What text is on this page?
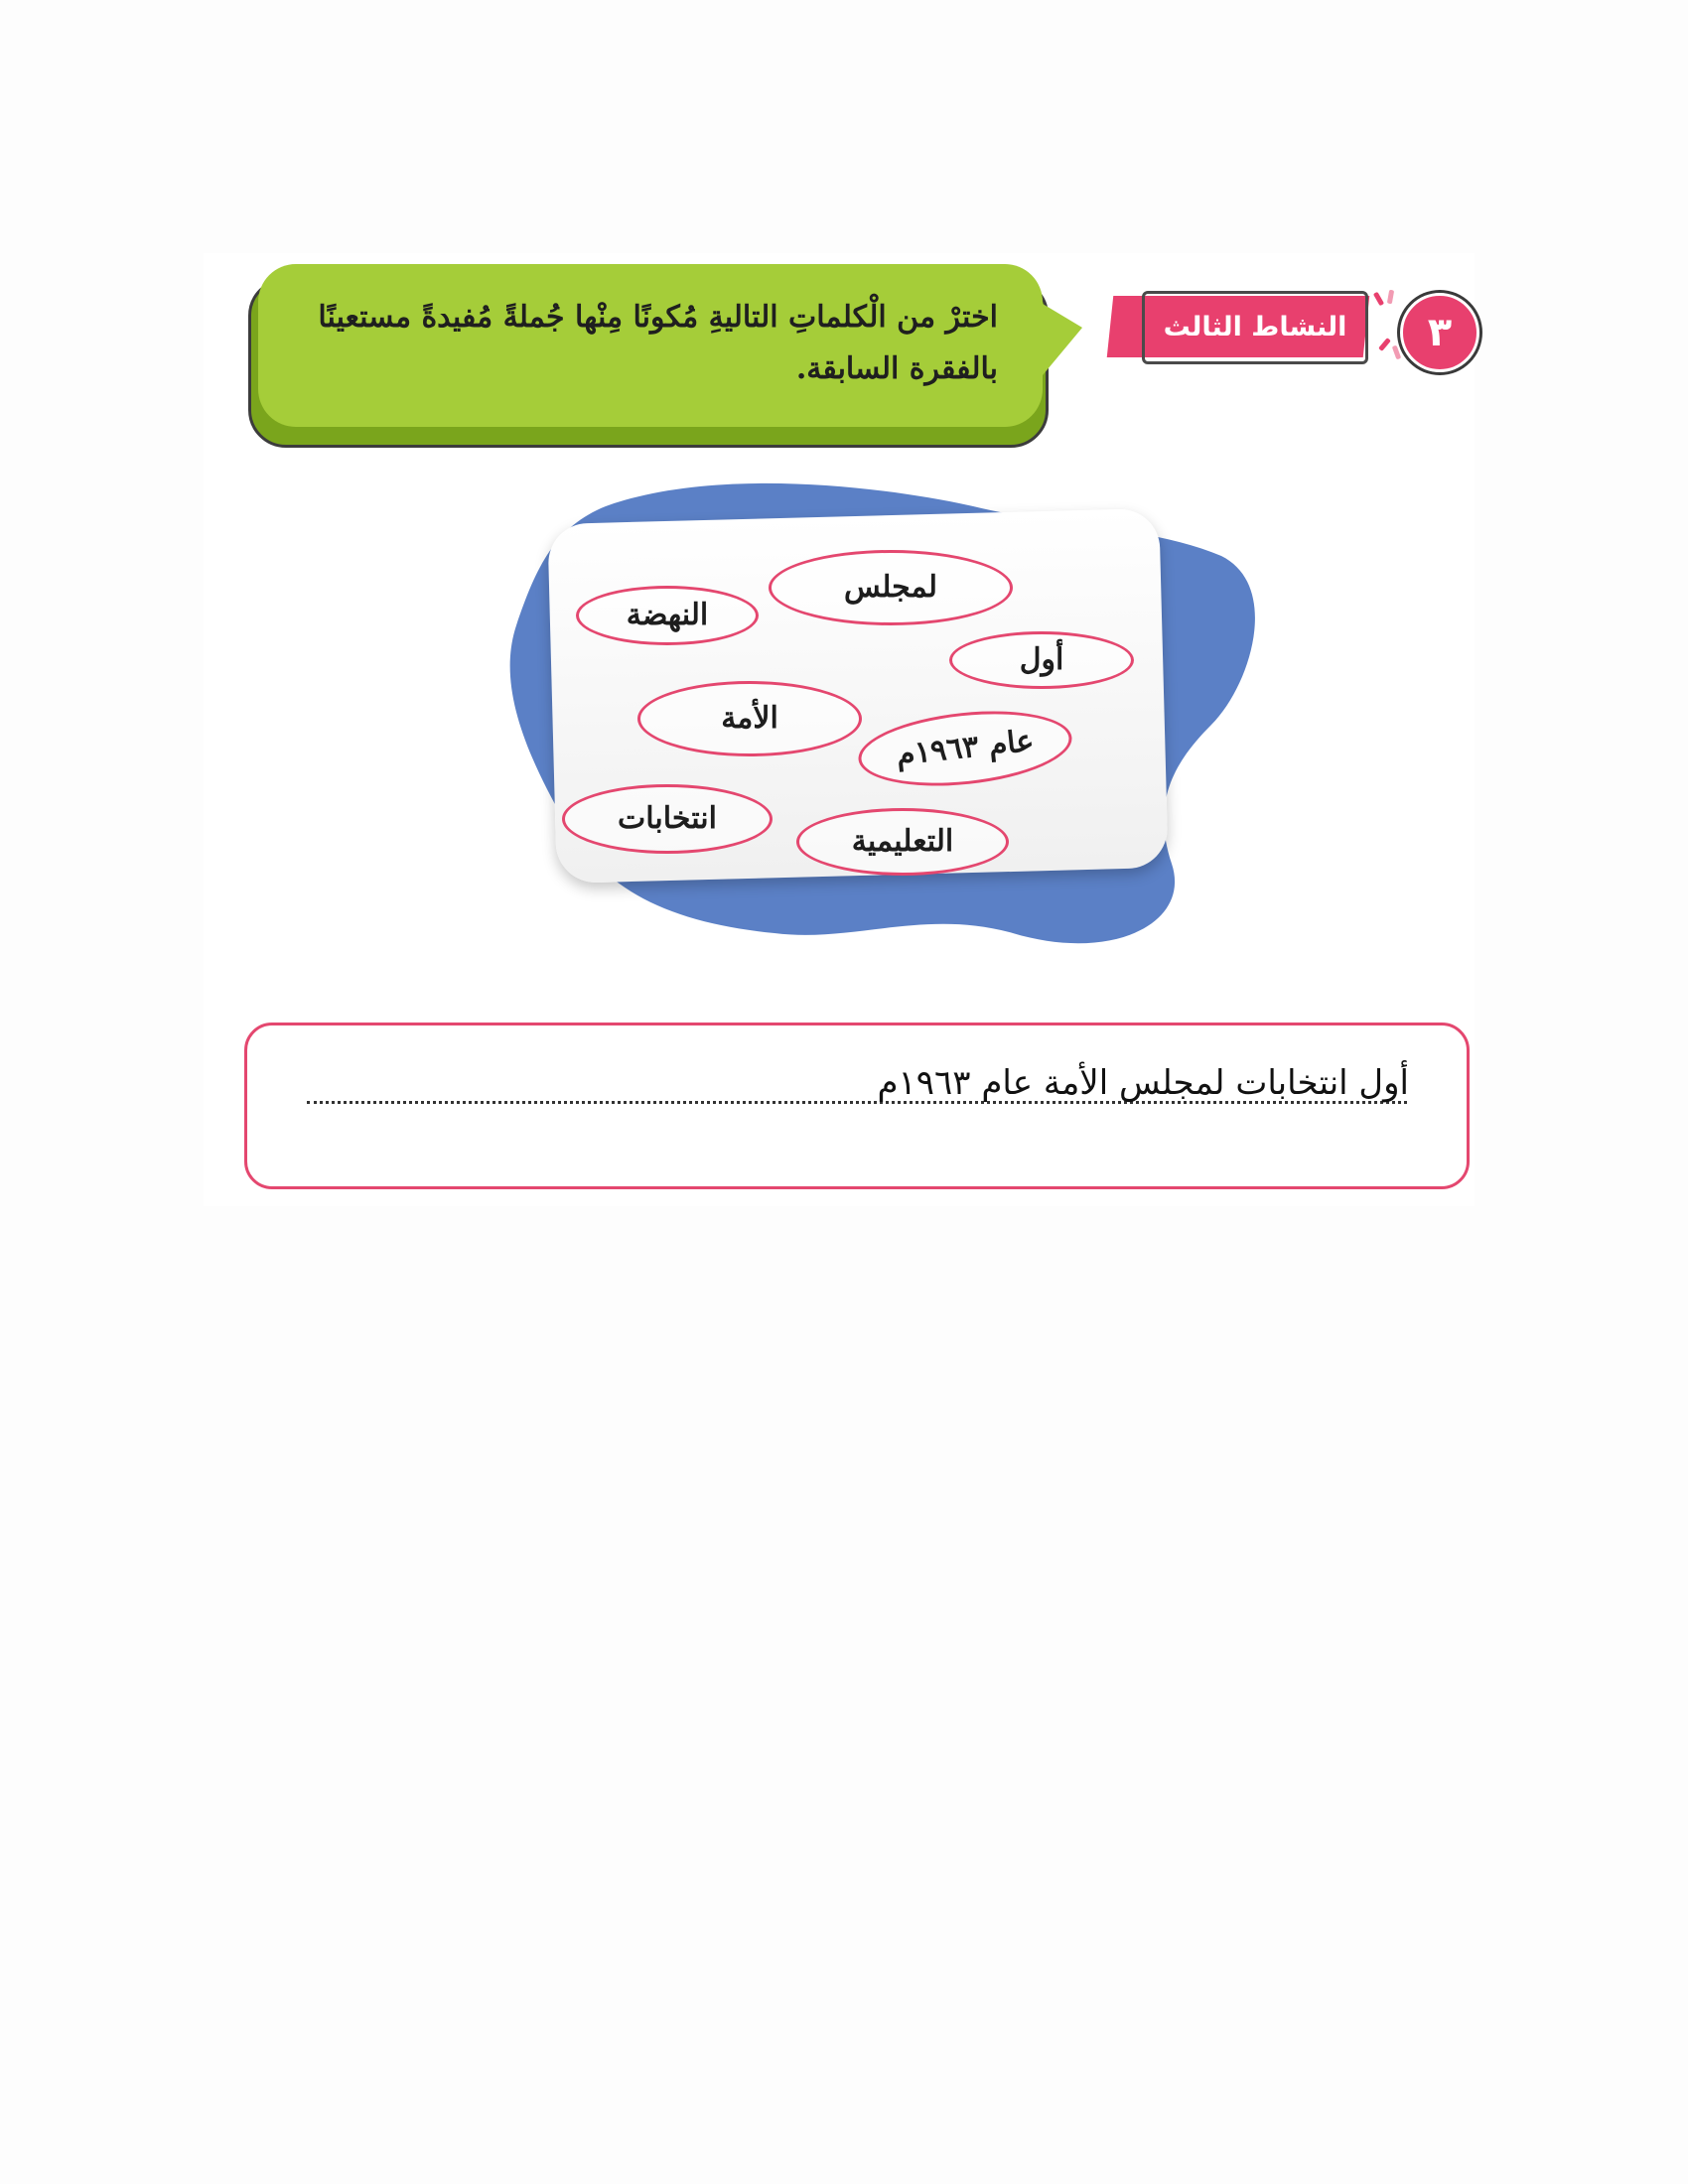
النشاط الثالث	٣
اخترْ من الْكلماتِ التاليةِ مُكونًا مِنْها جُملةً مُفيدةً مستعينًا بالفقرة السابقة.
لمجلس
النهضة
أول
الأمة
عام ١٩٦٣م
انتخابات
التعليمية
أول انتخابات لمجلس الأمة عام ١٩٦٣م
